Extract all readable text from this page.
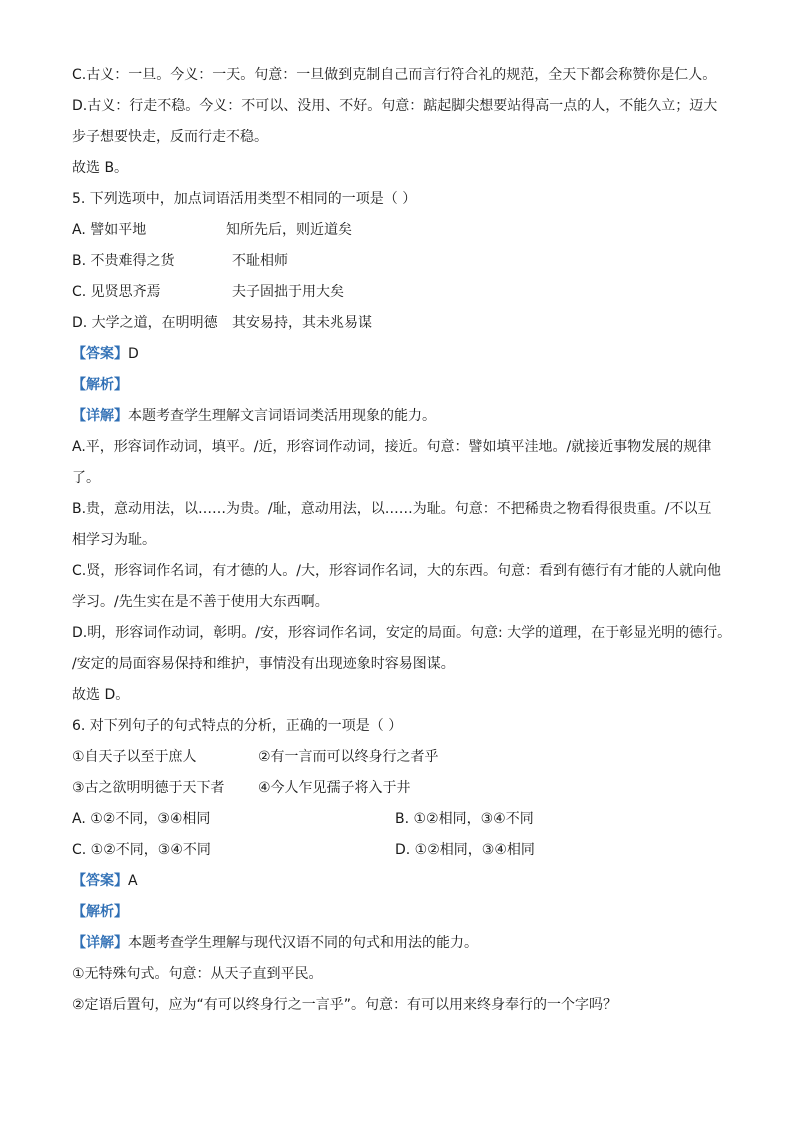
C.古义：一旦。今义：一天。句意：一旦做到克制自己而言行符合礼的规范，全天下都会称赞你是仁人。
D.古义：行走不稳。今义：不可以、没用、不好。句意：踮起脚尖想要站得高一点的人，不能久立；迈大
步子想要快走，反而行走不稳。
故选 B。
5. 下列选项中，加点词语活用类型不相同的一项是（ ）
A. 譬如平地	知所先后，则近道矣
B. 不贵难得之货	不耻相师
C. 见贤思齐焉	夫子固拙于用大矣
D. 大学之道，在明明德 其安易持，其未兆易谋
【答案】D
【解析】
【详解】本题考查学生理解文言词语词类活用现象的能力。
A.平，形容词作动词，填平。/近，形容词作动词，接近。句意：譬如填平洼地。/就接近事物发展的规律
了。
B.贵，意动用法，以……为贵。/耻，意动用法，以……为耻。句意：不把稀贵之物看得很贵重。/不以互
相学习为耻。
C.贤，形容词作名词，有才德的人。/大，形容词作名词，大的东西。句意：看到有德行有才能的人就向他
学习。/先生实在是不善于使用大东西啊。
D.明，形容词作动词，彰明。/安，形容词作名词，安定的局面。句意: 大学的道理，在于彰显光明的德行。
/安定的局面容易保持和维护，事情没有出现迹象时容易图谋。
故选 D。
6. 对下列句子的句式特点的分析，正确的一项是（ ）
①自天子以至于庶人	②有一言而可以终身行之者乎
③古之欲明明德于天下者 ④今人乍见孺子将入于井
A. ①②不同，③④相同	B. ①②相同，③④不同
C. ①②不同，③④不同	D. ①②相同，③④相同
【答案】A
【解析】
【详解】本题考查学生理解与现代汉语不同的句式和用法的能力。
①无特殊句式。句意：从天子直到平民。
②定语后置句，应为“有可以终身行之一言乎”。句意：有可以用来终身奉行的一个字吗？
